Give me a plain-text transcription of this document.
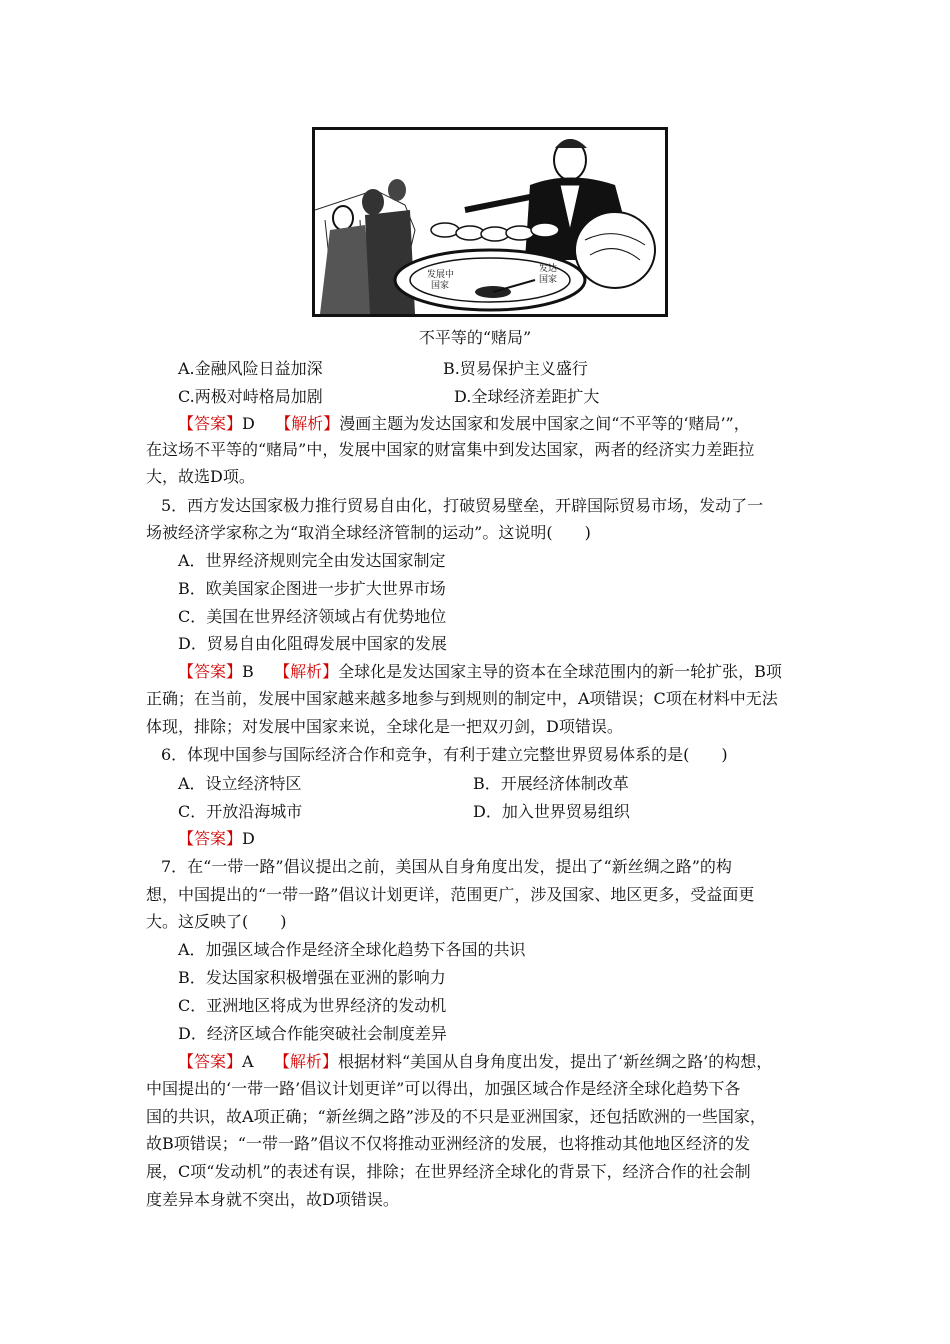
发展中
国家
发达
国家
不平等的“赌局”
A.金融风险日益加深	B.贸易保护主义盛行
C.两极对峙格局加剧	D.全球经济差距扩大
【答案】D 【解析】漫画主题为发达国家和发展中国家之间“不平等的‘赌局’”，
在这场不平等的“赌局”中，发展中国家的财富集中到发达国家，两者的经济实力差距拉
大，故选D项。
5．西方发达国家极力推行贸易自由化，打破贸易壁垒，开辟国际贸易市场，发动了一
场被经济学家称之为“取消全球经济管制的运动”。这说明(　　)
A．世界经济规则完全由发达国家制定
B．欧美国家企图进一步扩大世界市场
C．美国在世界经济领域占有优势地位
D．贸易自由化阻碍发展中国家的发展
【答案】B 【解析】全球化是发达国家主导的资本在全球范围内的新一轮扩张，B项
正确；在当前，发展中国家越来越多地参与到规则的制定中，A项错误；C项在材料中无法
体现，排除；对发展中国家来说，全球化是一把双刃剑，D项错误。
6．体现中国参与国际经济合作和竞争，有利于建立完整世界贸易体系的是(　　)
A．设立经济特区	B．开展经济体制改革
C．开放沿海城市	D．加入世界贸易组织
【答案】D
7．在“一带一路”倡议提出之前，美国从自身角度出发，提出了“新丝绸之路”的构
想，中国提出的“一带一路”倡议计划更详，范围更广，涉及国家、地区更多，受益面更
大。这反映了(　　)
A．加强区域合作是经济全球化趋势下各国的共识
B．发达国家积极增强在亚洲的影响力
C．亚洲地区将成为世界经济的发动机
D．经济区域合作能突破社会制度差异
【答案】A 【解析】根据材料“美国从自身角度出发，提出了‘新丝绸之路’的构想，
中国提出的‘一带一路’倡议计划更详”可以得出，加强区域合作是经济全球化趋势下各
国的共识，故A项正确；“新丝绸之路”涉及的不只是亚洲国家，还包括欧洲的一些国家，
故B项错误；“一带一路”倡议不仅将推动亚洲经济的发展，也将推动其他地区经济的发
展，C项“发动机”的表述有误，排除；在世界经济全球化的背景下，经济合作的社会制
度差异本身就不突出，故D项错误。
